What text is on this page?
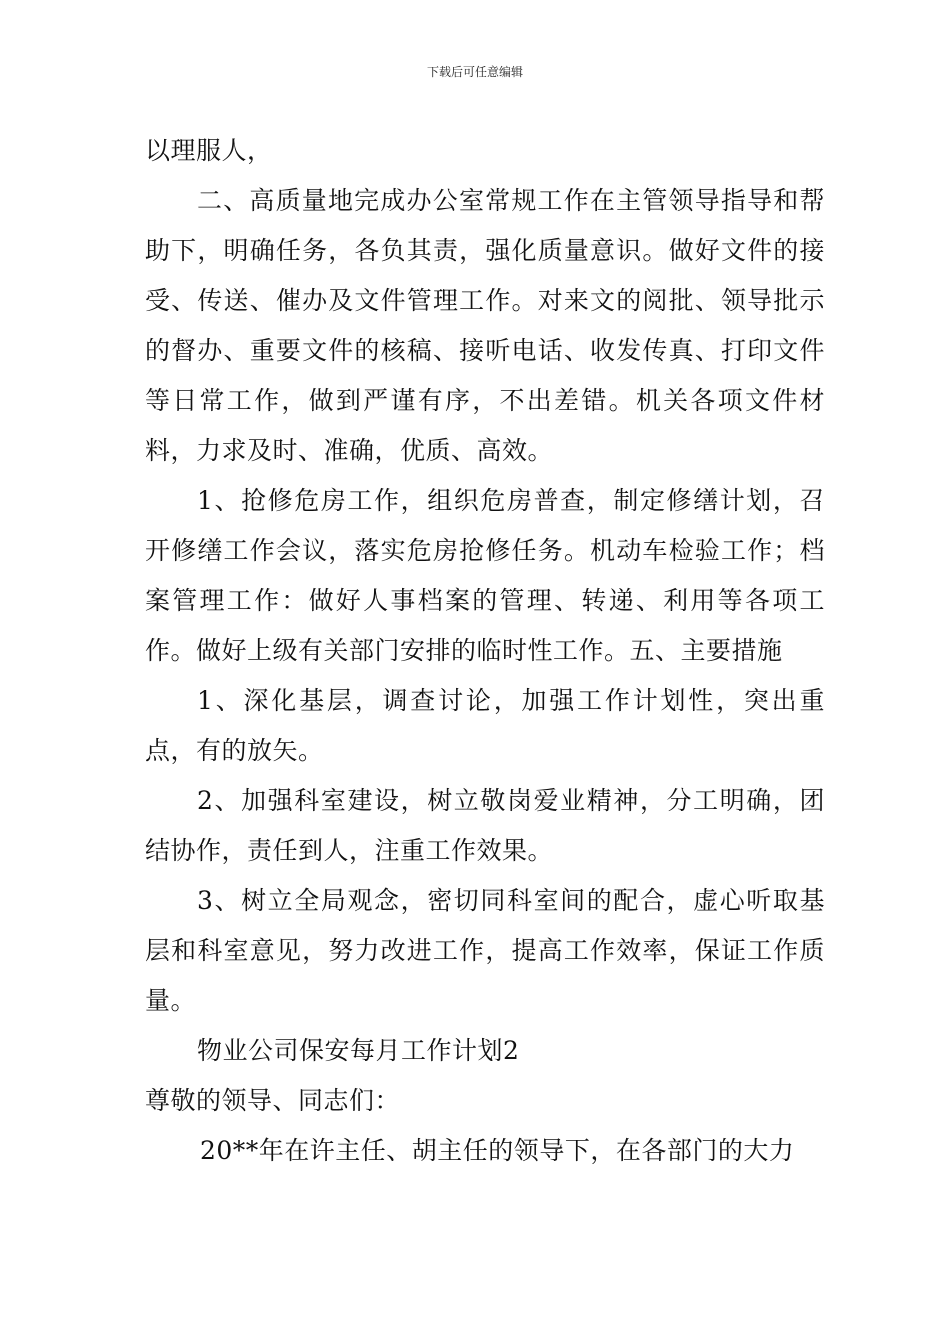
下载后可任意编辑

以理服人，

二、高质量地完成办公室常规工作在主管领导指导和帮助下，明确任务，各负其责，强化质量意识。做好文件的接受、传送、催办及文件管理工作。对来文的阅批、领导批示的督办、重要文件的核稿、接听电话、收发传真、打印文件等日常工作，做到严谨有序，不出差错。机关各项文件材料，力求及时、准确，优质、高效。

1、抢修危房工作，组织危房普查，制定修缮计划，召开修缮工作会议，落实危房抢修任务。机动车检验工作；档案管理工作：做好人事档案的管理、转递、利用等各项工作。做好上级有关部门安排的临时性工作。五、主要措施

1、深化基层，调查讨论，加强工作计划性，突出重点，有的放矢。

2、加强科室建设，树立敬岗爱业精神，分工明确，团结协作，责任到人，注重工作效果。

3、树立全局观念，密切同科室间的配合，虚心听取基层和科室意见，努力改进工作，提高工作效率，保证工作质量。

物业公司保安每月工作计划2

尊敬的领导、同志们：

20**年在许主任、胡主任的领导下，在各部门的大力
